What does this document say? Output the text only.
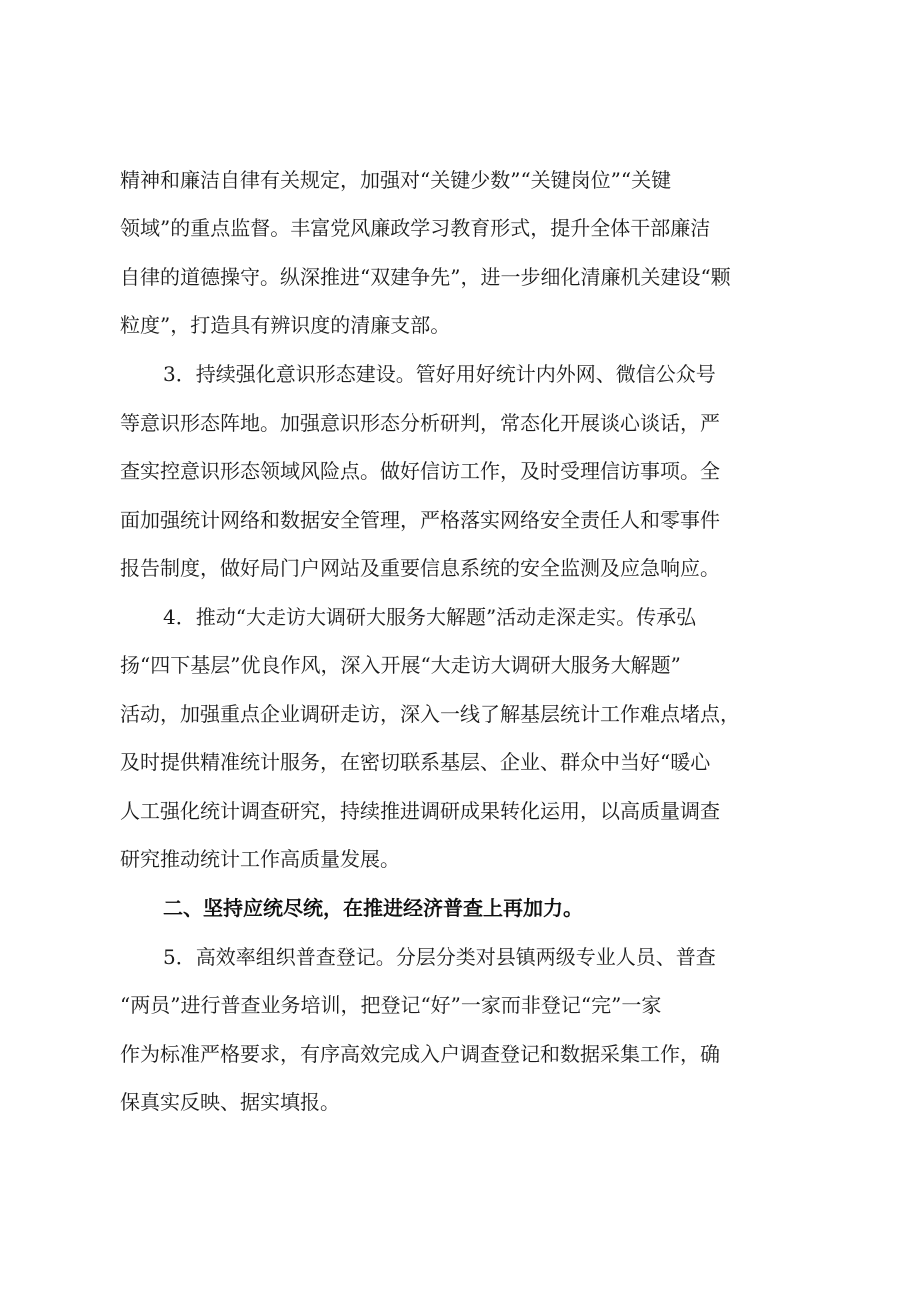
精神和廉洁自律有关规定，加强对“关键少数”“关键岗位”“关键
领域”的重点监督。丰富党风廉政学习教育形式，提升全体干部廉洁
自律的道德操守。纵深推进“双建争先”，进一步细化清廉机关建设“颗
粒度”，打造具有辨识度的清廉支部。
3．持续强化意识形态建设。管好用好统计内外网、微信公众号
等意识形态阵地。加强意识形态分析研判，常态化开展谈心谈话，严
查实控意识形态领域风险点。做好信访工作，及时受理信访事项。全
面加强统计网络和数据安全管理，严格落实网络安全责任人和零事件
报告制度，做好局门户网站及重要信息系统的安全监测及应急响应。
4．推动“大走访大调研大服务大解题”活动走深走实。传承弘
扬“四下基层”优良作风，深入开展“大走访大调研大服务大解题”
活动，加强重点企业调研走访，深入一线了解基层统计工作难点堵点，
及时提供精准统计服务，在密切联系基层、企业、群众中当好“暖心
人工强化统计调查研究，持续推进调研成果转化运用，以高质量调查
研究推动统计工作高质量发展。
二、坚持应统尽统，在推进经济普查上再加力。
5．高效率组织普查登记。分层分类对县镇两级专业人员、普查
“两员”进行普查业务培训，把登记“好”一家而非登记“完”一家
作为标准严格要求，有序高效完成入户调查登记和数据采集工作，确
保真实反映、据实填报。
